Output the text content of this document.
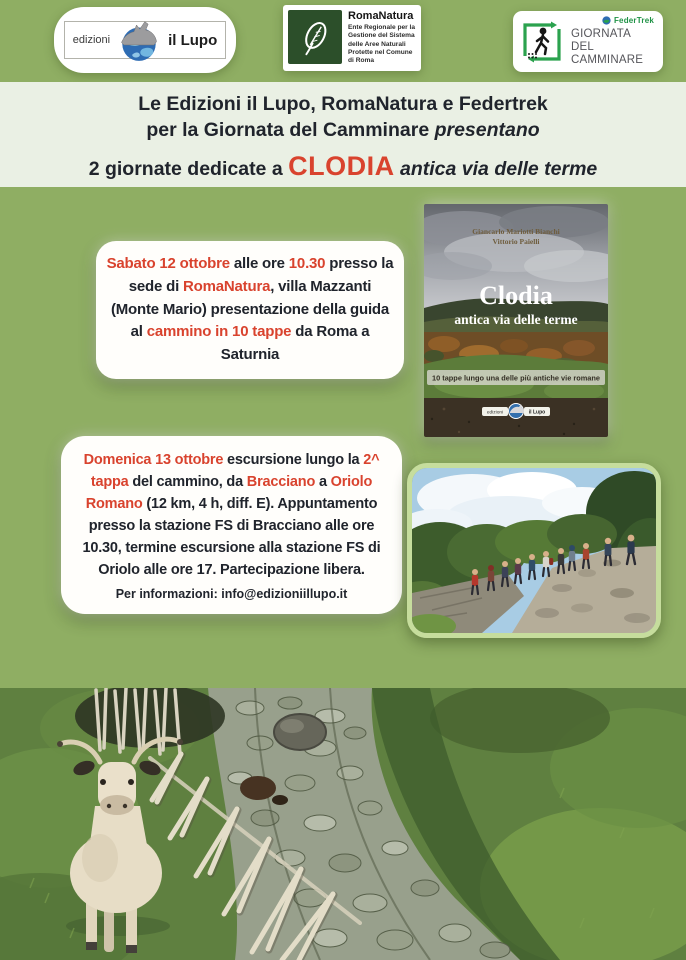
edizioni	il Lupo
RomaNatura
Ente Regionale per la Gestione del Sistema delle Aree Naturali Protette nel Comune di Roma
FederTrek
GIORNATA DEL
CAMMINARE
Le Edizioni il Lupo, RomaNatura e Federtrek
per la Giornata del Camminare presentano
2 giornate dedicate a CLODIA antica via delle terme
Sabato 12 ottobre alle ore 10.30 presso la sede di RomaNatura, villa Mazzanti (Monte Mario) presentazione della guida al cammino in 10 tappe da Roma a Saturnia
Giancarlo Mariotti Bianchi
Vittorio Paielli
Clodia
antica via delle terme
10 tappe lungo una delle più antiche vie romane
edizioni	il Lupo
Domenica 13 ottobre escursione lungo la 2^ tappa del cammino, da Bracciano a Oriolo Romano (12 km, 4 h, diff. E). Appuntamento presso la stazione FS di Bracciano alle ore 10.30, termine escursione alla stazione FS di Oriolo alle ore 17. Partecipazione libera.
Per informazioni: info@edizioniillupo.it
